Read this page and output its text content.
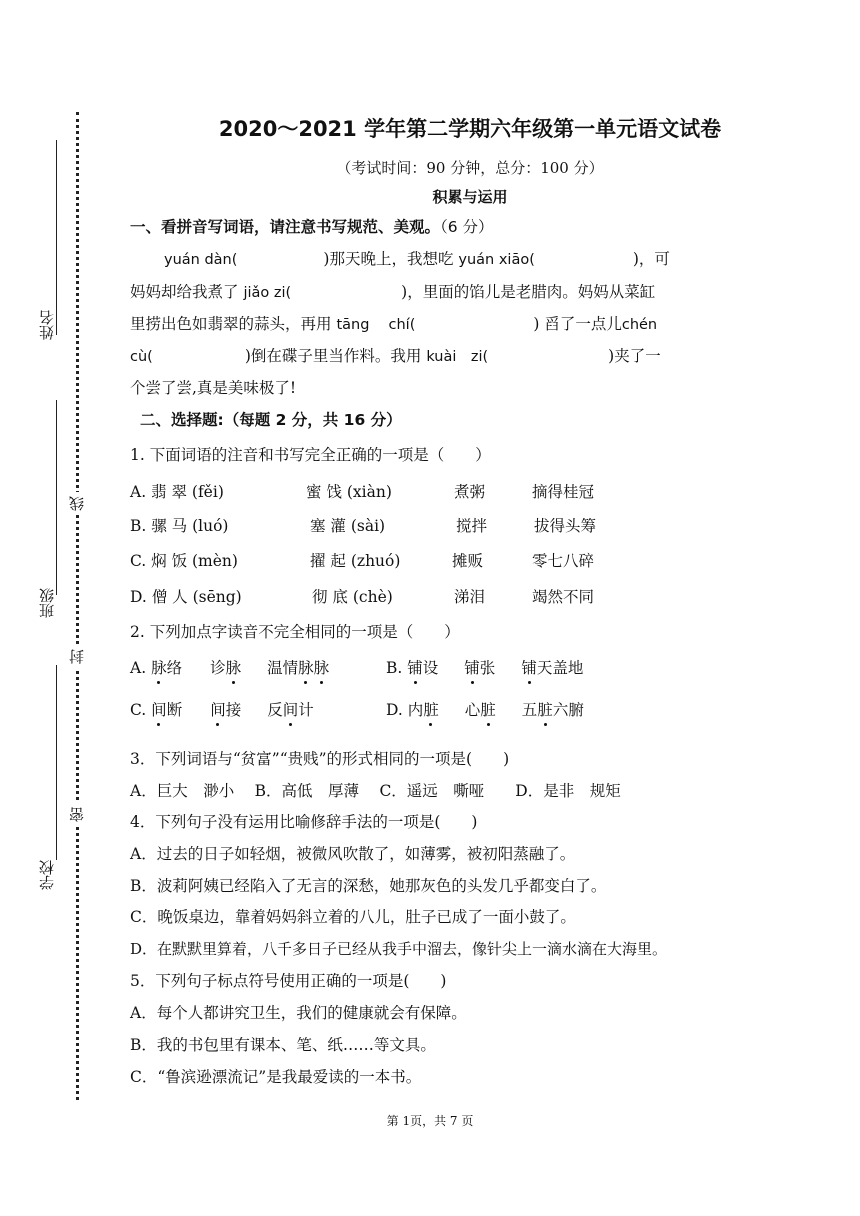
姓名
班级
学校
线
封
密
2020～2021 学年第二学期六年级第一单元语文试卷
（考试时间：90 分钟，总分：100 分）
积累与运用
一、看拼音写词语，请注意书写规范、美观。（6 分）
yuán dàn(	)那天晚上，我想吃 yuán xiāo(	)，可
妈妈却给我煮了 jiǎo zi(	)，里面的馅儿是老腊肉。妈妈从菜缸
里捞出色如翡翠的蒜头，再用 tāng　 chí(	) 舀了一点儿chén
cù(	)倒在碟子里当作料。我用 kuài　zi(	)夹了一
个尝了尝,真是美味极了!
二、选择题:（每题 2 分，共 16 分）
1. 下面词语的注音和书写完全正确的一项是（　　）
A. 翡 翠 (fěi)	蜜 饯 (xiàn)	煮粥	摘得桂冠
B. 骡 马 (luó)	塞 灌 (sài)	搅拌	拔得头筹
C. 焖 饭 (mèn)	擢 起 (zhuó)	摊贩	零七八碎
D. 僧 人 (sēng)	彻 底 (chè)	涕泪	竭然不同
2. 下列加点字读音不完全相同的一项是（　　）
A. 脉络 诊脉 温情脉脉	B. 铺设 铺张 铺天盖地
C. 间断 间接 反间计	D. 内脏 心脏 五脏六腑
3．下列词语与“贫富”“贵贱”的形式相同的一项是(　　)
A．巨大　渺小　 B．高低　厚薄　 C．遥远　嘶哑　　D．是非　规矩
4．下列句子没有运用比喻修辞手法的一项是(　　)
A．过去的日子如轻烟，被微风吹散了，如薄雾，被初阳蒸融了。
B．波莉阿姨已经陷入了无言的深愁，她那灰色的头发几乎都变白了。
C．晚饭桌边，靠着妈妈斜立着的八儿，肚子已成了一面小鼓了。
D．在默默里算着，八千多日子已经从我手中溜去，像针尖上一滴水滴在大海里。
5．下列句子标点符号使用正确的一项是(　　)
A．每个人都讲究卫生，我们的健康就会有保障。
B．我的书包里有课本、笔、纸……等文具。
C．“鲁滨逊漂流记”是我最爱读的一本书。
第 1页，共 7 页
